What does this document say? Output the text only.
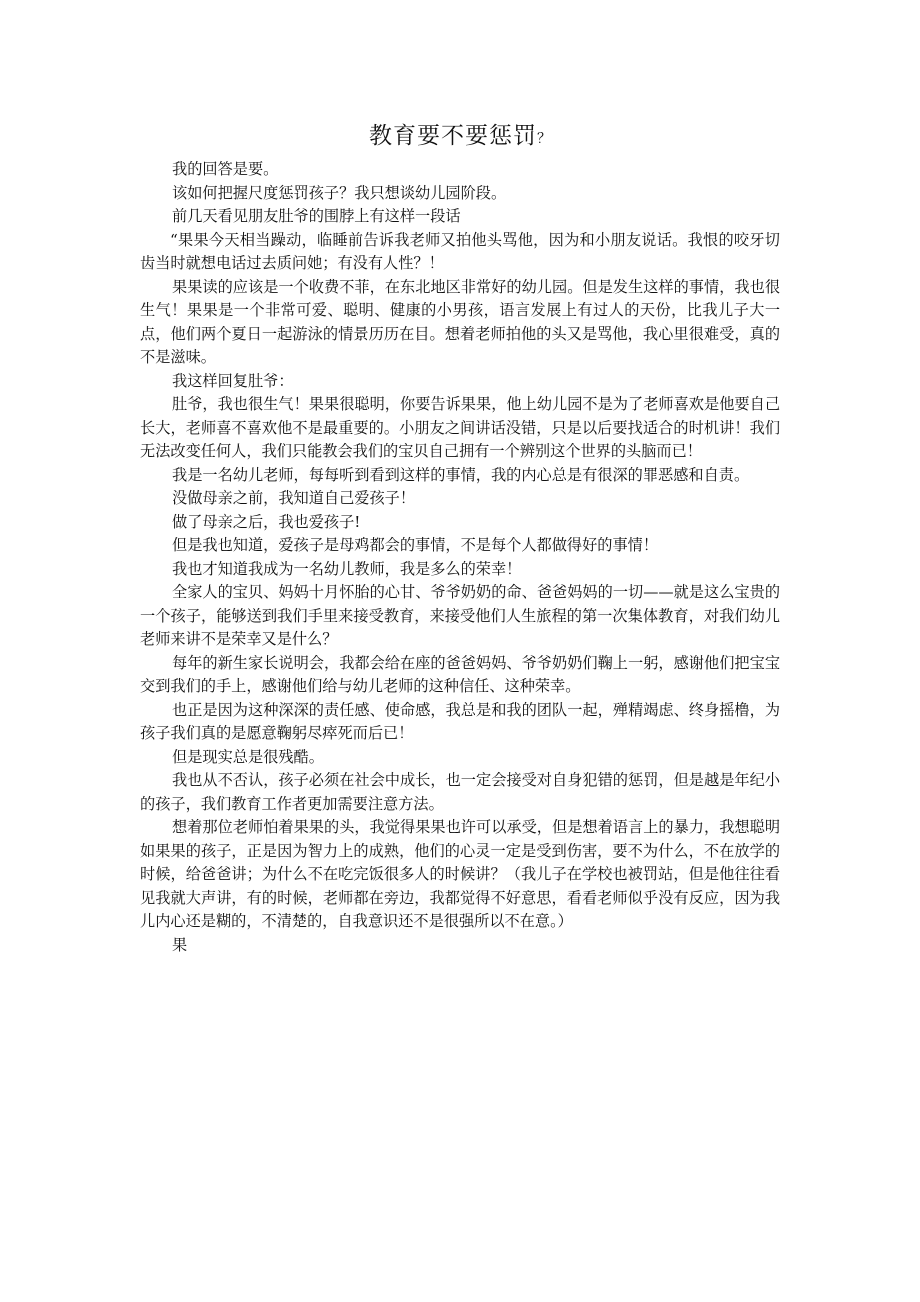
教育要不要惩罚？

我的回答是要。

该如何把握尺度惩罚孩子？我只想谈幼儿园阶段。

前几天看见朋友肚爷的围脖上有这样一段话

“果果今天相当躁动，临睡前告诉我老师又拍他头骂他，因为和小朋友说话。我恨的咬牙切齿当时就想电话过去质问她；有没有人性？！

果果读的应该是一个收费不菲，在东北地区非常好的幼儿园。但是发生这样的事情，我也很生气！果果是一个非常可爱、聪明、健康的小男孩，语言发展上有过人的天份，比我儿子大一点，他们两个夏日一起游泳的情景历历在目。想着老师拍他的头又是骂他，我心里很难受，真的不是滋味。

我这样回复肚爷：

肚爷，我也很生气！果果很聪明，你要告诉果果，他上幼儿园不是为了老师喜欢是他要自己长大，老师喜不喜欢他不是最重要的。小朋友之间讲话没错，只是以后要找适合的时机讲！我们无法改变任何人，我们只能教会我们的宝贝自己拥有一个辨别这个世界的头脑而已！

我是一名幼儿老师，每每听到看到这样的事情，我的内心总是有很深的罪恶感和自责。

没做母亲之前，我知道自己爱孩子！

做了母亲之后，我也爱孩子!

但是我也知道，爱孩子是母鸡都会的事情，不是每个人都做得好的事情！

我也才知道我成为一名幼儿教师，我是多么的荣幸！

全家人的宝贝、妈妈十月怀胎的心甘、爷爷奶奶的命、爸爸妈妈的一切——就是这么宝贵的一个孩子，能够送到我们手里来接受教育，来接受他们人生旅程的第一次集体教育，对我们幼儿老师来讲不是荣幸又是什么？

每年的新生家长说明会，我都会给在座的爸爸妈妈、爷爷奶奶们鞠上一躬，感谢他们把宝宝交到我们的手上，感谢他们给与幼儿老师的这种信任、这种荣幸。

也正是因为这种深深的责任感、使命感，我总是和我的团队一起，殚精竭虑、终身摇橹，为孩子我们真的是愿意鞠躬尽瘁死而后已！

但是现实总是很残酷。

我也从不否认，孩子必须在社会中成长，也一定会接受对自身犯错的惩罚，但是越是年纪小的孩子，我们教育工作者更加需要注意方法。

想着那位老师怕着果果的头，我觉得果果也许可以承受，但是想着语言上的暴力，我想聪明如果果的孩子，正是因为智力上的成熟，他们的心灵一定是受到伤害，要不为什么，不在放学的时候，给爸爸讲；为什么不在吃完饭很多人的时候讲？（我儿子在学校也被罚站，但是他往往看见我就大声讲，有的时候，老师都在旁边，我都觉得不好意思，看看老师似乎没有反应，因为我儿内心还是糊的，不清楚的，自我意识还不是很强所以不在意。）

果
